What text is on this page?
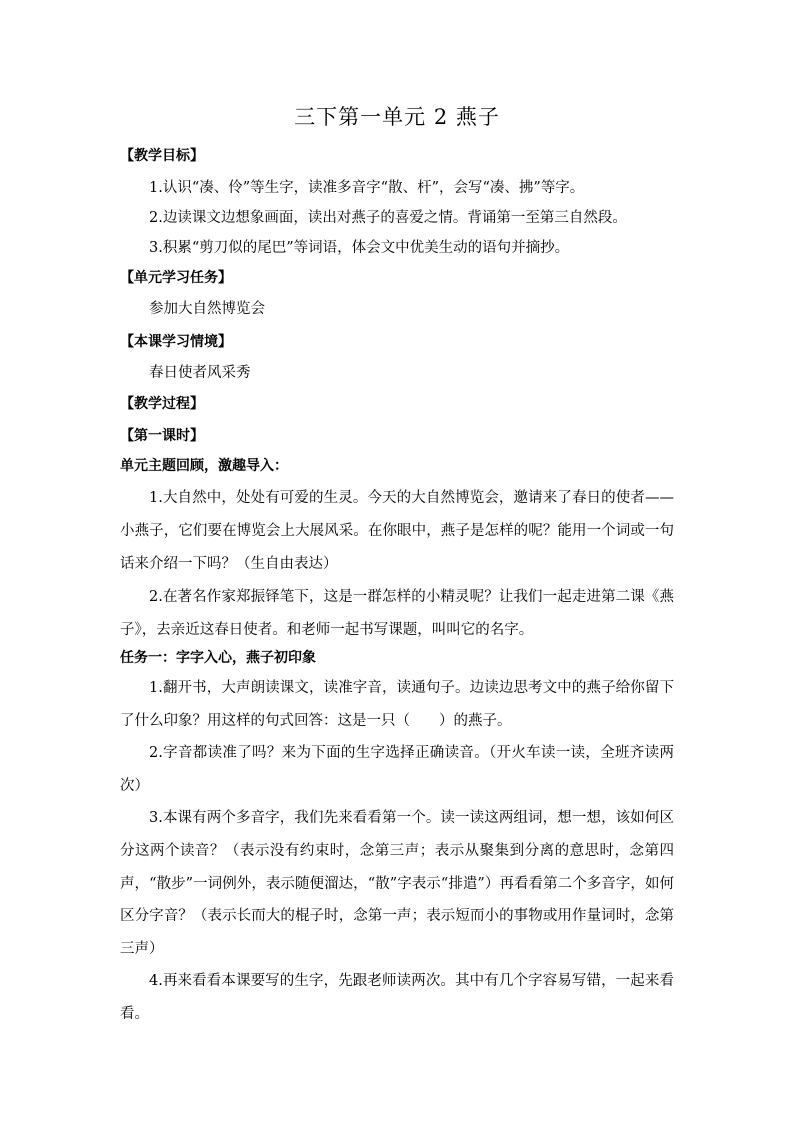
三下第一单元 2 燕子
【教学目标】
1.认识“凑、伶”等生字，读准多音字“散、杆”，会写“凑、拂”等字。
2.边读课文边想象画面，读出对燕子的喜爱之情。背诵第一至第三自然段。
3.积累“剪刀似的尾巴”等词语，体会文中优美生动的语句并摘抄。
【单元学习任务】
参加大自然博览会
【本课学习情境】
春日使者风采秀
【教学过程】
【第一课时】
单元主题回顾，激趣导入：
1.大自然中，处处有可爱的生灵。今天的大自然博览会，邀请来了春日的使者——小燕子，它们要在博览会上大展风采。在你眼中，燕子是怎样的呢？能用一个词或一句话来介绍一下吗？（生自由表达）
2.在著名作家郑振铎笔下，这是一群怎样的小精灵呢？让我们一起走进第二课《燕子》，去亲近这春日使者。和老师一起书写课题，叫叫它的名字。
任务一：字字入心，燕子初印象
1.翻开书，大声朗读课文，读准字音，读通句子。边读边思考文中的燕子给你留下了什么印象？用这样的句式回答：这是一只（　　）的燕子。
2.字音都读准了吗？来为下面的生字选择正确读音。（开火车读一读，全班齐读两次）
3.本课有两个多音字，我们先来看看第一个。读一读这两组词，想一想，该如何区分这两个读音？（表示没有约束时，念第三声；表示从聚集到分离的意思时，念第四声，“散步”一词例外，表示随便溜达，“散”字表示“排遣”）再看看第二个多音字，如何区分字音？（表示长而大的棍子时，念第一声；表示短而小的事物或用作量词时，念第三声）
4.再来看看本课要写的生字，先跟老师读两次。其中有几个字容易写错，一起来看看。
